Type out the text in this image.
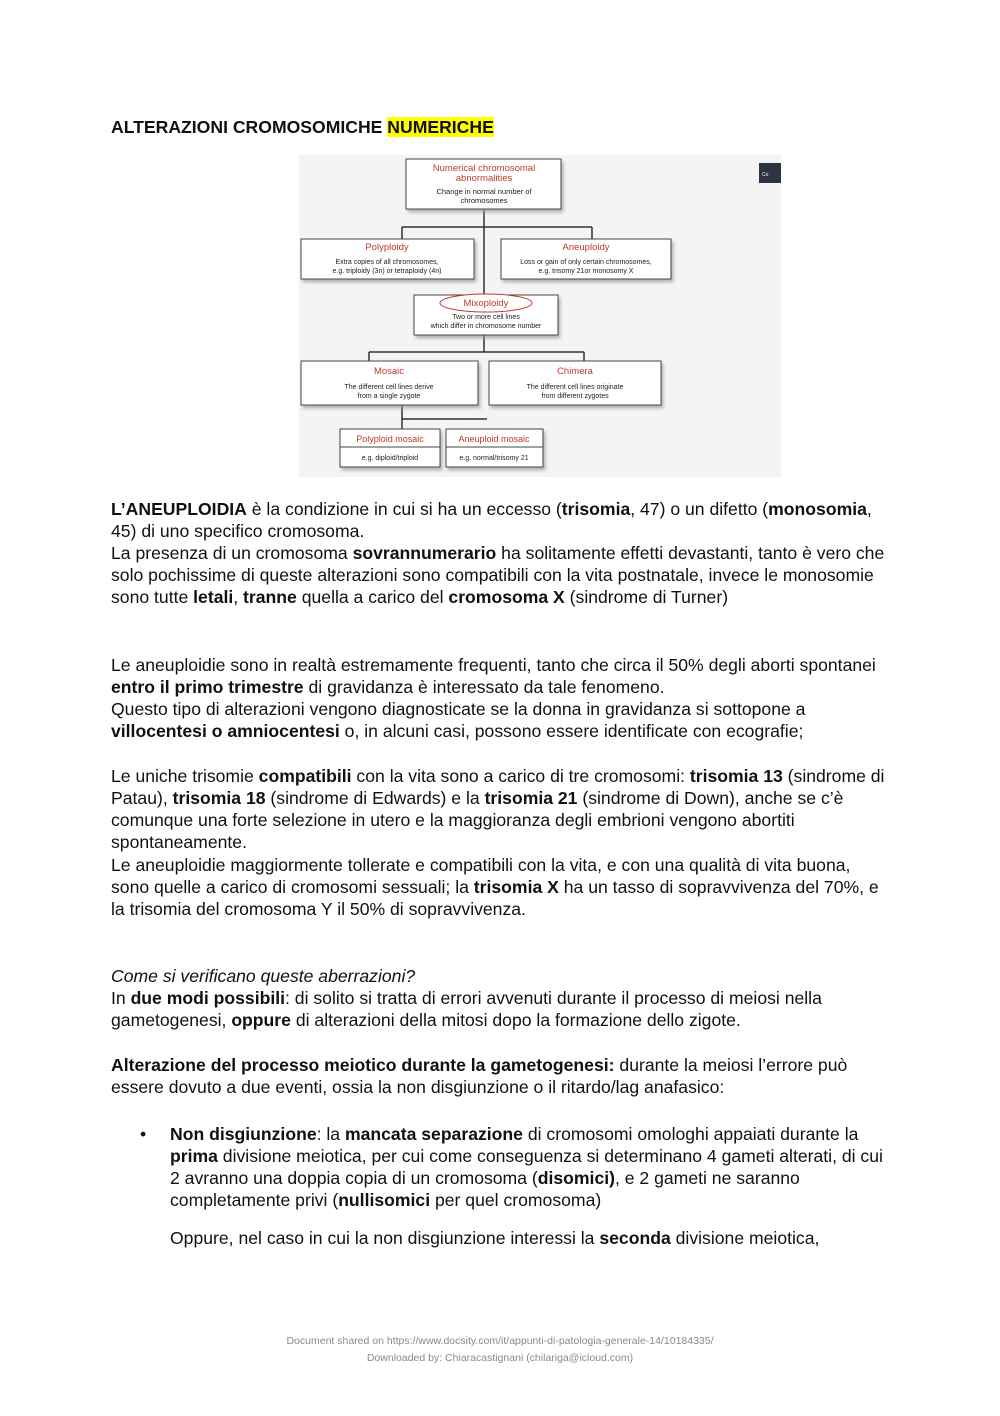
ALTERAZIONI CROMOSOMICHE NUMERICHE
Numerical chromosomal
abnormalities
Change in normal number of
chromosomes
Polyploidy
Extra copies of all chromosomes,
e.g. triploidy (3n) or tetraploidy (4n)
Aneuploidy
Loss or gain of only certain chromosomes,
e.g. trisomy 21or monosomy X
Mixoploidy
Two or more cell lines
which differ in chromosome number
Mosaic
The different cell lines derive
from a single zygote
Chimera
The different cell lines originate
from different zygotes
Polyploid mosaic
e.g. diploid/triploid
Aneuploid mosaic
e.g. normal/trisomy 21
Co

L’ANEUPLOIDIA è la condizione in cui si ha un eccesso (trisomia, 47) o un difetto (monosomia, 45) di uno specifico cromosoma.

La presenza di un cromosoma sovrannumerario ha solitamente effetti devastanti, tanto è vero che solo pochissime di queste alterazioni sono compatibili con la vita postnatale, invece le monosomie sono tutte letali, tranne quella a carico del cromosoma X (sindrome di Turner)

Le aneuploidie sono in realtà estremamente frequenti, tanto che circa il 50% degli aborti spontanei entro il primo trimestre di gravidanza è interessato da tale fenomeno.

Questo tipo di alterazioni vengono diagnosticate se la donna in gravidanza si sottopone a villocentesi o amniocentesi o, in alcuni casi, possono essere identificate con ecografie;

Le uniche trisomie compatibili con la vita sono a carico di tre cromosomi: trisomia 13 (sindrome di Patau), trisomia 18 (sindrome di Edwards) e la trisomia 21 (sindrome di Down), anche se c’è comunque una forte selezione in utero e la maggioranza degli embrioni vengono abortiti spontaneamente.

Le aneuploidie maggiormente tollerate e compatibili con la vita, e con una qualità di vita buona, sono quelle a carico di cromosomi sessuali; la trisomia X ha un tasso di sopravvivenza del 70%, e la trisomia del cromosoma Y il 50% di sopravvivenza.

Come si verificano queste aberrazioni?

In due modi possibili: di solito si tratta di errori avvenuti durante il processo di meiosi nella gametogenesi, oppure di alterazioni della mitosi dopo la formazione dello zigote.

Alterazione del processo meiotico durante la gametogenesi: durante la meiosi l’errore può essere dovuto a due eventi, ossia la non disgiunzione o il ritardo/lag anafasico:

• Non disgiunzione: la mancata separazione di cromosomi omologhi appaiati durante la prima divisione meiotica, per cui come conseguenza si determinano 4 gameti alterati, di cui 2 avranno una doppia copia di un cromosoma (disomici), e 2 gameti ne saranno completamente privi (nullisomici per quel cromosoma)

Oppure, nel caso in cui la non disgiunzione interessi la seconda divisione meiotica,

Document shared on https://www.docsity.com/it/appunti-di-patologia-generale-14/10184335/
Downloaded by: Chiaracastignani (chilariga@icloud.com)
